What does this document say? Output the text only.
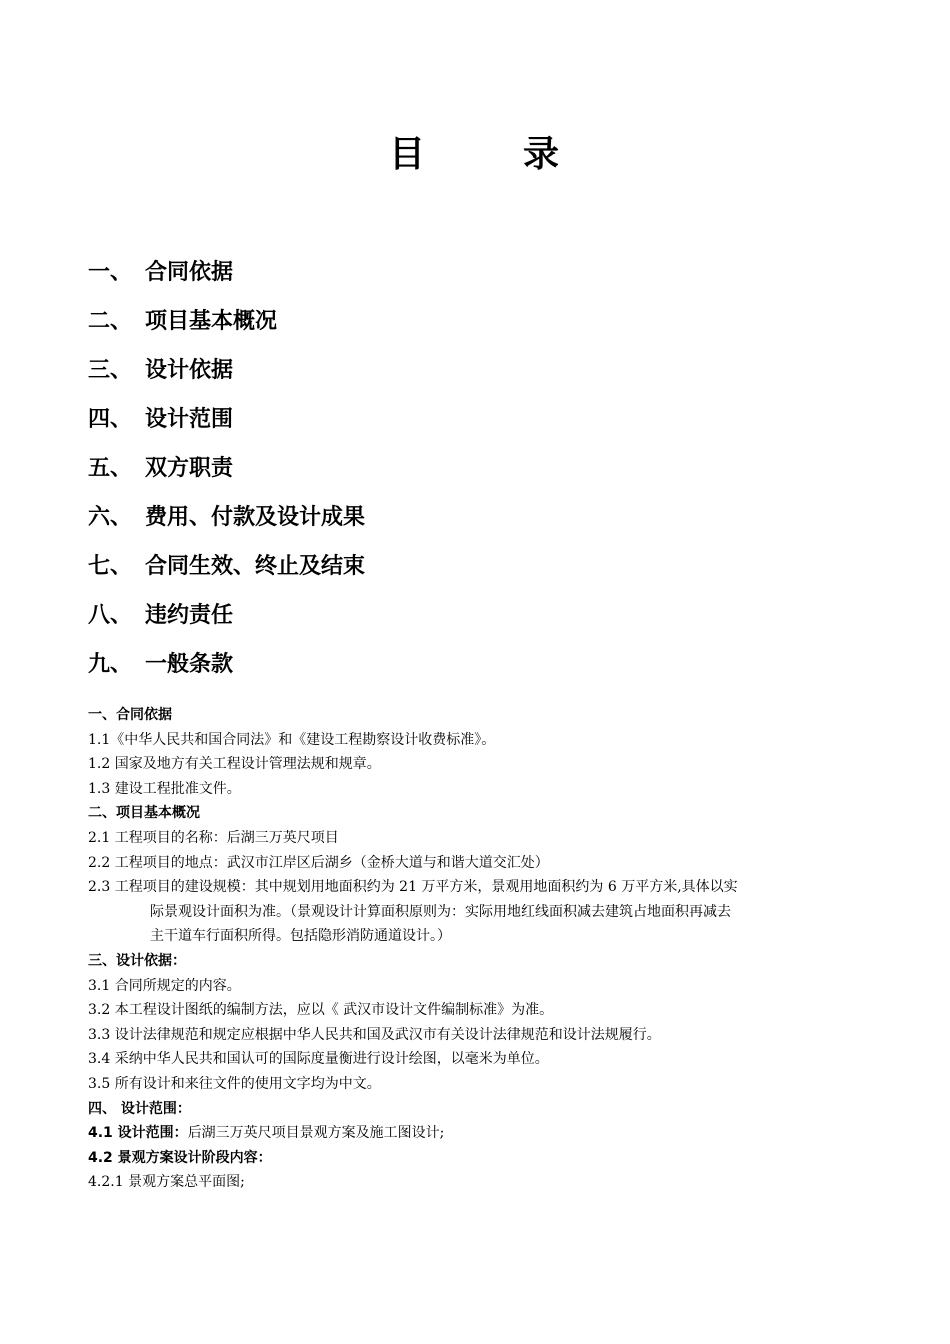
目	录
一、 合同依据
二、 项目基本概况
三、 设计依据
四、 设计范围
五、 双方职责
六、 费用、付款及设计成果
七、 合同生效、终止及结束
八、 违约责任
九、 一般条款
一、合同依据
1.1《中华人民共和国合同法》和《建设工程勘察设计收费标准》。
1.2 国家及地方有关工程设计管理法规和规章。
1.3 建设工程批准文件。
二、项目基本概况
2.1 工程项目的名称：后湖三万英尺项目
2.2 工程项目的地点：武汉市江岸区后湖乡（金桥大道与和谐大道交汇处）
2.3 工程项目的建设规模：其中规划用地面积约为 21 万平方米，景观用地面积约为 6 万平方米,具体以实
际景观设计面积为准。（景观设计计算面积原则为：实际用地红线面积减去建筑占地面积再减去
主干道车行面积所得。包括隐形消防通道设计。）
三、设计依据：
3.1 合同所规定的内容。
3.2 本工程设计图纸的编制方法，应以《 武汉市设计文件编制标准》为准。
3.3 设计法律规范和规定应根据中华人民共和国及武汉市有关设计法律规范和设计法规履行。
3.4 采纳中华人民共和国认可的国际度量衡进行设计绘图，以毫米为单位。
3.5 所有设计和来往文件的使用文字均为中文。
四、 设计范围：
4.1 设计范围：后湖三万英尺项目景观方案及施工图设计;
4.2 景观方案设计阶段内容：
4.2.1 景观方案总平面图;
